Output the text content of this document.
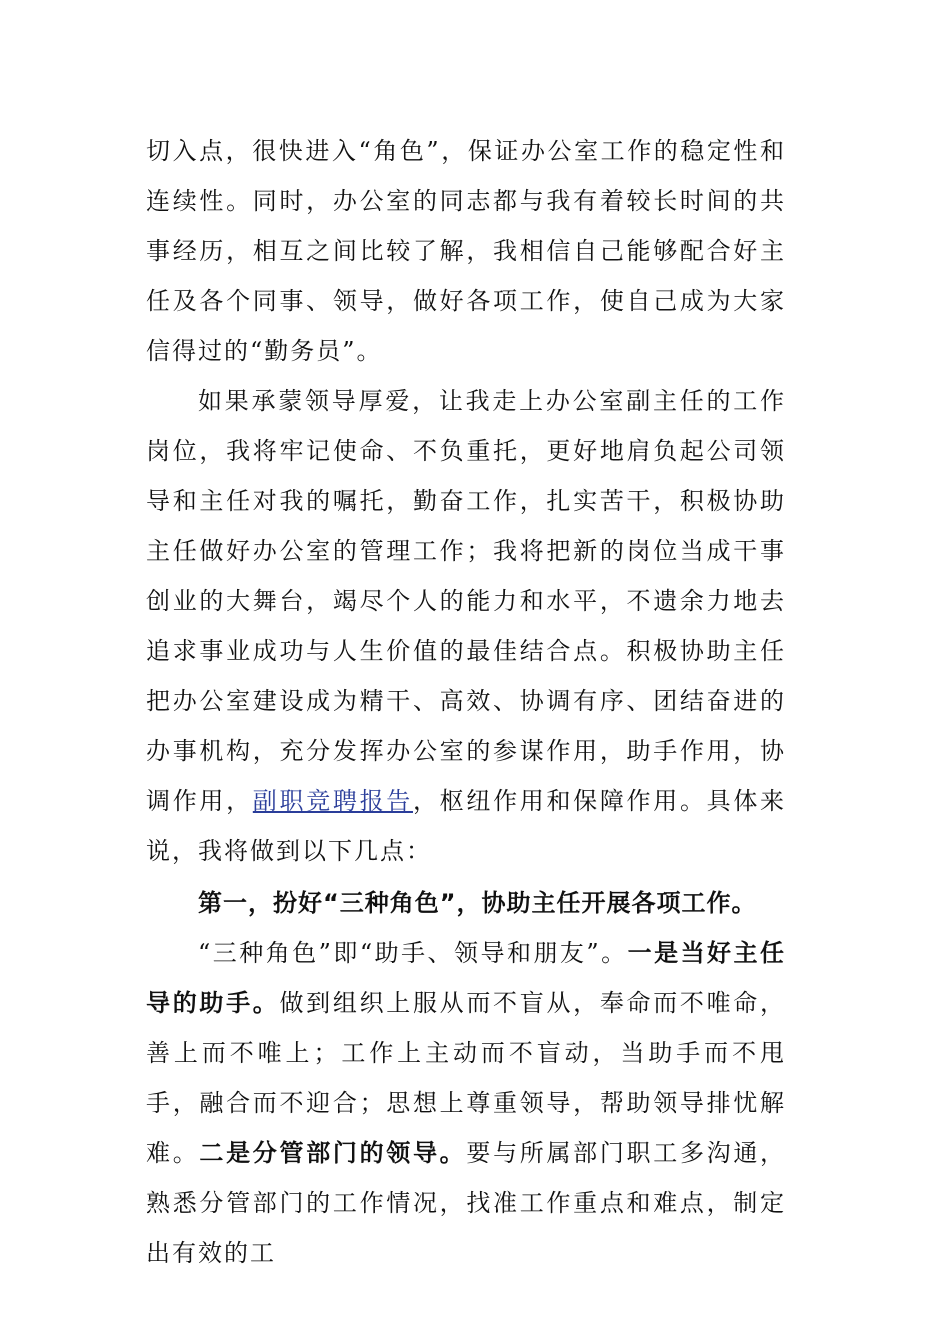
切入点，很快进入“角色”，保证办公室工作的稳定性和连续性。同时，办公室的同志都与我有着较长时间的共事经历，相互之间比较了解，我相信自己能够配合好主任及各个同事、领导，做好各项工作，使自己成为大家信得过的“勤务员”。

如果承蒙领导厚爱，让我走上办公室副主任的工作岗位，我将牢记使命、不负重托，更好地肩负起公司领导和主任对我的嘱托，勤奋工作，扎实苦干，积极协助主任做好办公室的管理工作；我将把新的岗位当成干事创业的大舞台，竭尽个人的能力和水平，不遗余力地去追求事业成功与人生价值的最佳结合点。积极协助主任把办公室建设成为精干、高效、协调有序、团结奋进的办事机构，充分发挥办公室的参谋作用，助手作用，协调作用，副职竞聘报告，枢纽作用和保障作用。具体来说，我将做到以下几点：

第一，扮好“三种角色”，协助主任开展各项工作。

“三种角色”即“助手、领导和朋友”。一是当好主任导的助手。做到组织上服从而不盲从，奉命而不唯命，善上而不唯上；工作上主动而不盲动，当助手而不甩手，融合而不迎合；思想上尊重领导，帮助领导排忧解难。二是分管部门的领导。要与所属部门职工多沟通，熟悉分管部门的工作情况，找准工作重点和难点，制定出有效的工
